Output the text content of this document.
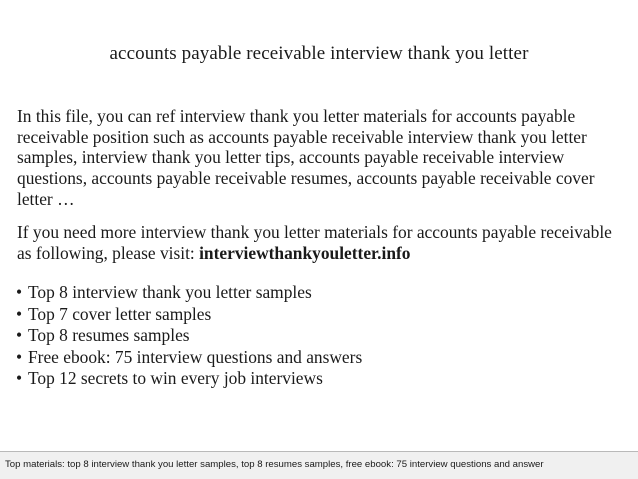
accounts payable receivable interview thank you letter

In this file, you can ref interview thank you letter materials for accounts payable receivable position such as accounts payable receivable interview thank you letter samples, interview thank you letter tips, accounts payable receivable interview questions, accounts payable receivable resumes, accounts payable receivable cover letter …

If you need more interview thank you letter materials for accounts payable receivable as following, please visit: interviewthankyouletter.info

• Top 8 interview thank you letter samples
• Top 7 cover letter samples
• Top 8 resumes samples
• Free ebook: 75 interview questions and answers
• Top 12 secrets to win every job interviews
Top materials: top 8 interview thank you letter samples, top 8 resumes samples, free ebook: 75 interview questions and answer
